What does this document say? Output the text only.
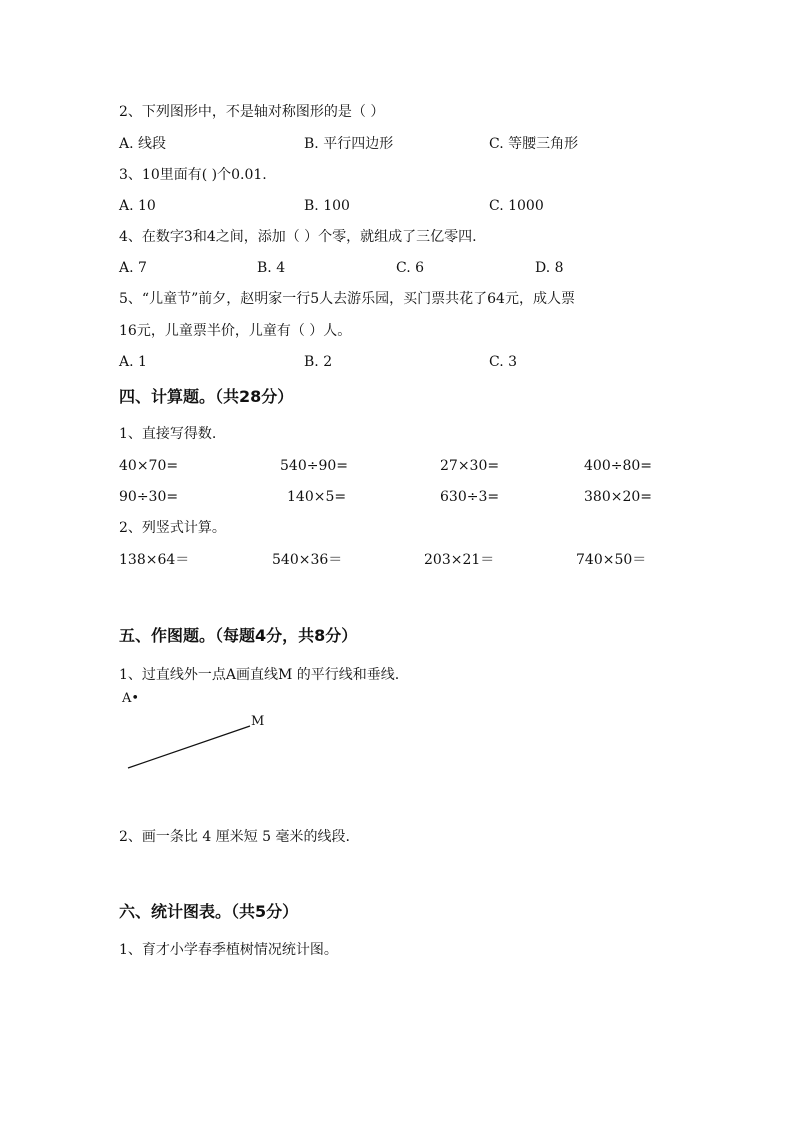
2、下列图形中，不是轴对称图形的是（ ）
A. 线段	B. 平行四边形	C. 等腰三角形
3、10里面有( )个0.01.
A. 10	B. 100	C. 1000
4、在数字3和4之间，添加（ ）个零，就组成了三亿零四.
A. 7	B. 4	C. 6	D. 8
5、“儿童节”前夕，赵明家一行5人去游乐园，买门票共花了64元，成人票
16元，儿童票半价，儿童有（ ）人。
A. 1	B. 2	C. 3
四、计算题。（共28分）
1、直接写得数.
40×70=	540÷90=	27×30=	400÷80=
90÷30=	140×5=	630÷3=	380×20=
2、列竖式计算。
138×64＝	540×36＝	203×21＝	740×50＝
五、作图题。（每题4分，共8分）
1、过直线外一点A画直线M 的平行线和垂线.
A•
M
2、画一条比 4 厘米短 5 毫米的线段.
六、统计图表。（共5分）
1、育才小学春季植树情况统计图。
